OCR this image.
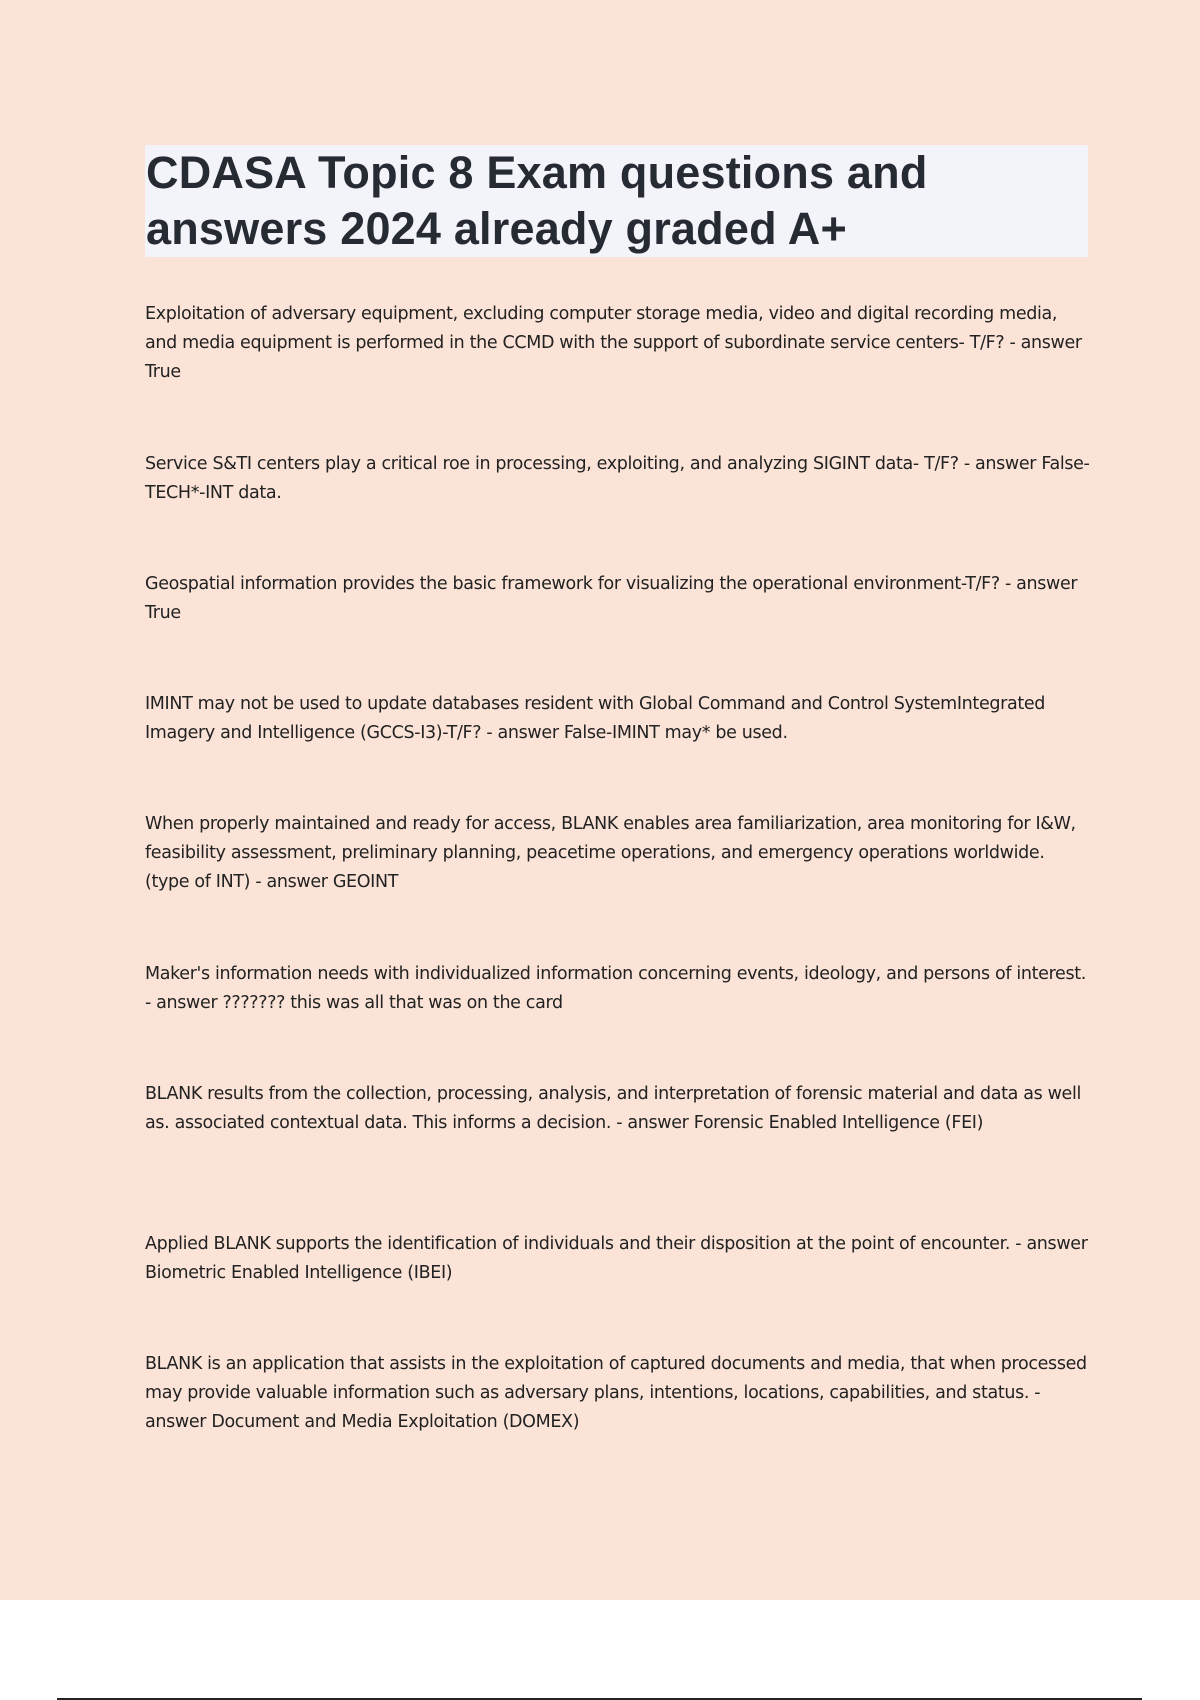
CDASA Topic 8 Exam questions and answers 2024 already graded A+

Exploitation of adversary equipment, excluding computer storage media, video and digital recording media, and media equipment is performed in the CCMD with the support of subordinate service centers- T/F? - answer True

Service S&TI centers play a critical roe in processing, exploiting, and analyzing SIGINT data- T/F? - answer False- TECH*-INT data.

Geospatial information provides the basic framework for visualizing the operational environment-T/F? - answer True

IMINT may not be used to update databases resident with Global Command and Control SystemIntegrated Imagery and Intelligence (GCCS-I3)-T/F? - answer False-IMINT may* be used.

When properly maintained and ready for access, BLANK enables area familiarization, area monitoring for I&W, feasibility assessment, preliminary planning, peacetime operations, and emergency operations worldwide. (type of INT) - answer GEOINT

Maker's information needs with individualized information concerning events, ideology, and persons of interest. - answer ??????? this was all that was on the card

BLANK results from the collection, processing, analysis, and interpretation of forensic material and data as well as. associated contextual data. This informs a decision. - answer Forensic Enabled Intelligence (FEI)

Applied BLANK supports the identification of individuals and their disposition at the point of encounter. - answer Biometric Enabled Intelligence (IBEI)

BLANK is an application that assists in the exploitation of captured documents and media, that when processed may provide valuable information such as adversary plans, intentions, locations, capabilities, and status. - answer Document and Media Exploitation (DOMEX)
